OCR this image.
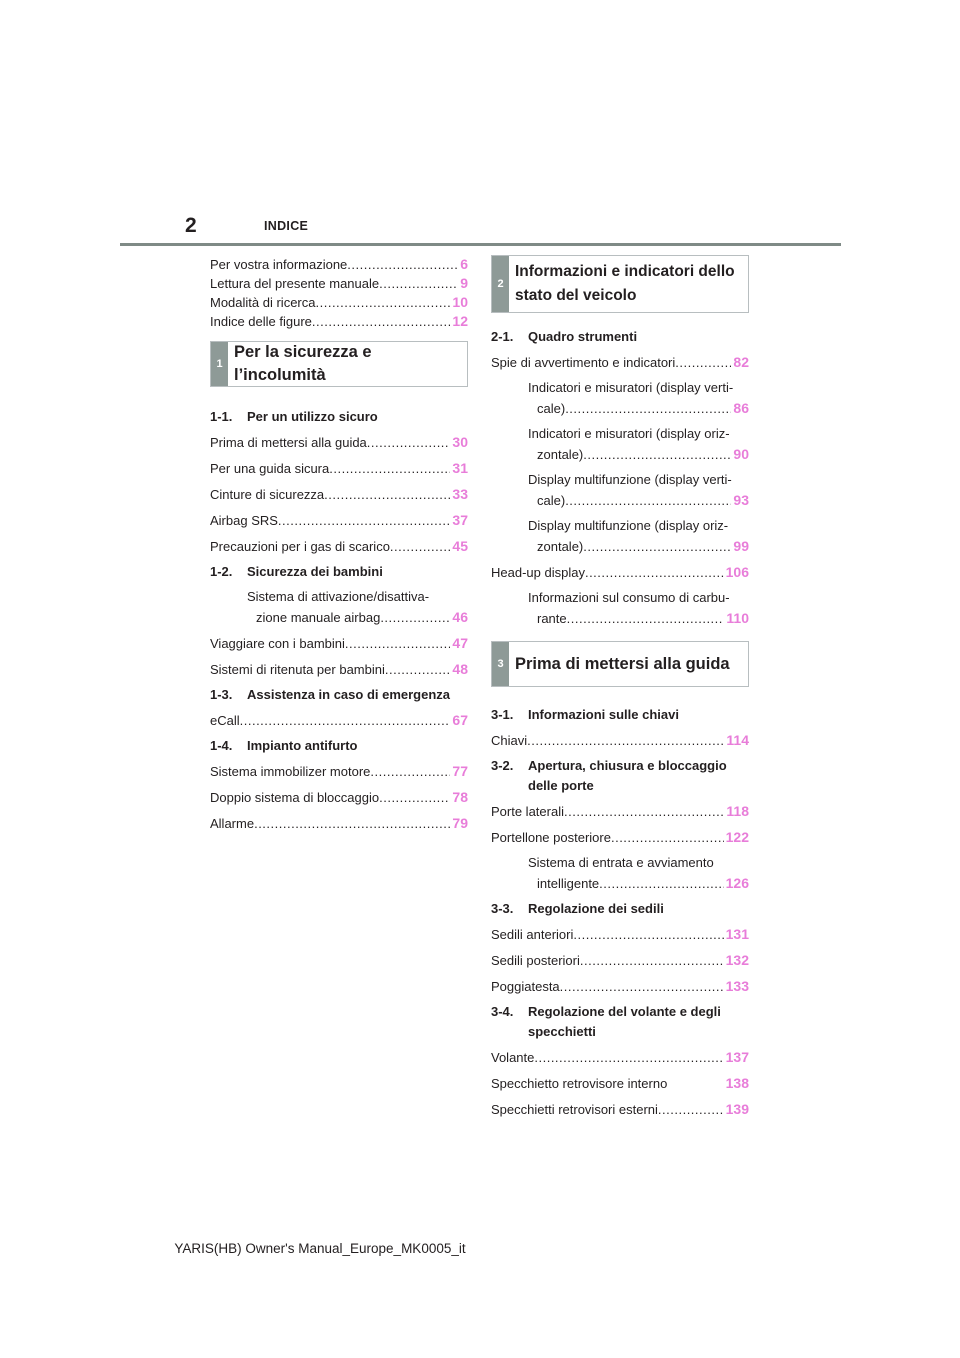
2	INDICE
Per vostra informazione .....	6
Lettura del presente manuale .....	9
Modalità di ricerca .....	10
Indice delle figure .....	12
1
Per la sicurezza e l’incolumità
1-1.	Per un utilizzo sicuro
Prima di mettersi alla guida .....	30
Per una guida sicura .....	31
Cinture di sicurezza .....	33
Airbag SRS .....	37
Precauzioni per i gas di scarico .....	45
1-2.	Sicurezza dei bambini
Sistema di attivazione/disattiva-
zione manuale airbag .....	46
Viaggiare con i bambini .....	47
Sistemi di ritenuta per bambini .....	48
1-3.	Assistenza in caso di emergenza
eCall .....	67
1-4.	Impianto antifurto
Sistema immobilizer motore .....	77
Doppio sistema di bloccaggio .....	78
Allarme .....	79
2
Informazioni e indicatori dello
stato del veicolo
2-1.	Quadro strumenti
Spie di avvertimento e indicatori .....	82
Indicatori e misuratori (display verti-
cale) .....	86
Indicatori e misuratori (display oriz-
zontale) .....	90
Display multifunzione (display verti-
cale) .....	93
Display multifunzione (display oriz-
zontale) .....	99
Head-up display .....	106
Informazioni sul consumo di carbu-
rante .....	110
3 Prima di mettersi alla guida
3-1.	Informazioni sulle chiavi
Chiavi .....	114
3-2.	Apertura, chiusura e bloccaggio
delle porte
Porte laterali .....	118
Portellone posteriore .....	122
Sistema di entrata e avviamento
intelligente .....	126
3-3.	Regolazione dei sedili
Sedili anteriori .....	131
Sedili posteriori .....	132
Poggiatesta .....	133
3-4.	Regolazione del volante e degli
specchietti
Volante .....	137
Specchietto retrovisore interno	138
Specchietti retrovisori esterni .....	139
YARIS(HB) Owner's Manual_Europe_MK0005_it
